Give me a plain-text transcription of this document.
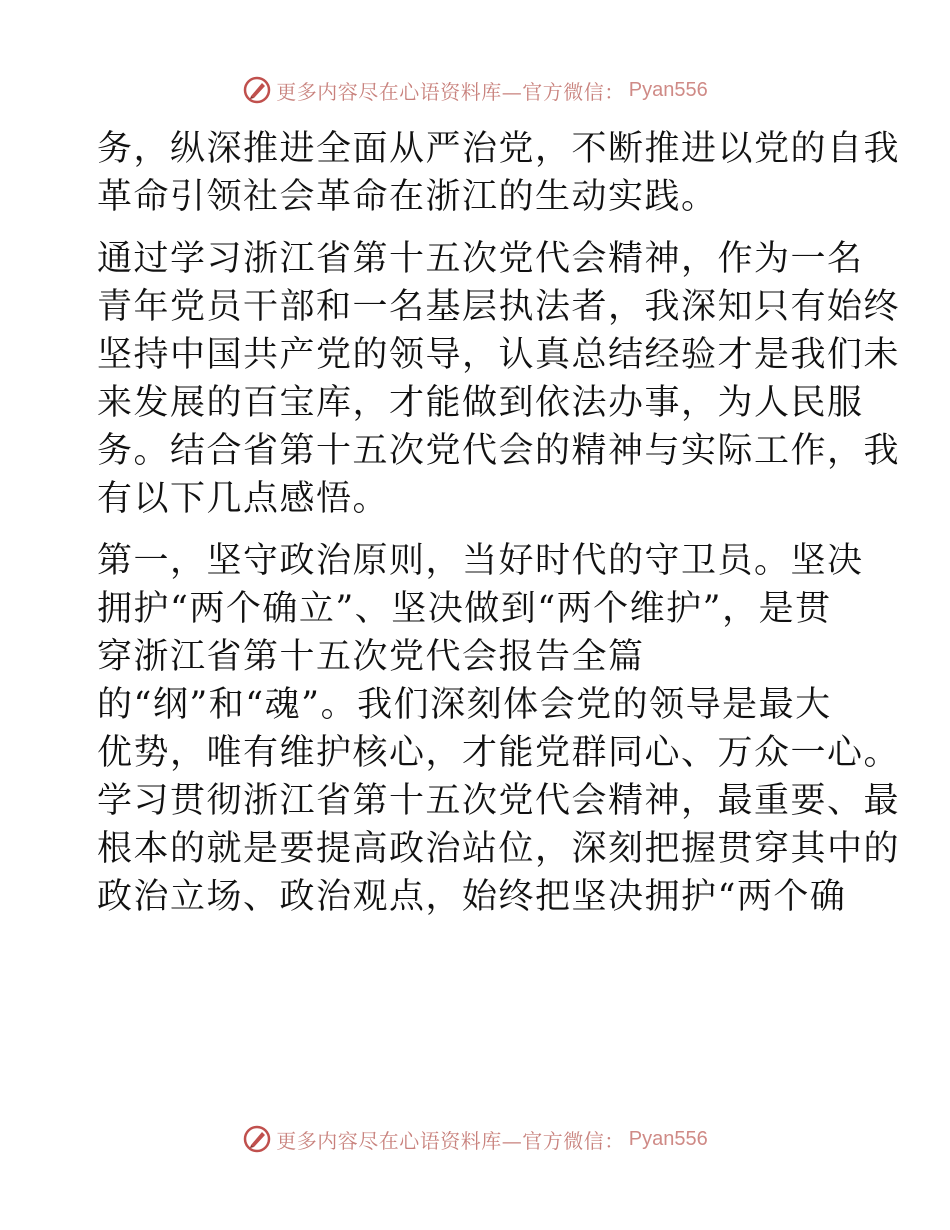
更多内容尽在心语资料库—官方微信： Pyan556
务，纵深推进全面从严治党，不断推进以党的自我
革命引领社会革命在浙江的生动实践。
通过学习浙江省第十五次党代会精神，作为一名
青年党员干部和一名基层执法者，我深知只有始终
坚持中国共产党的领导，认真总结经验才是我们未
来发展的百宝库，才能做到依法办事，为人民服
务。结合省第十五次党代会的精神与实际工作，我
有以下几点感悟。
第一，坚守政治原则，当好时代的守卫员。坚决
拥护“两个确立”、坚决做到“两个维护”，是贯
穿浙江省第十五次党代会报告全篇
的“纲”和“魂”。我们深刻体会党的领导是最大
优势，唯有维护核心，才能党群同心、万众一心。
学习贯彻浙江省第十五次党代会精神，最重要、最
根本的就是要提高政治站位，深刻把握贯穿其中的
政治立场、政治观点，始终把坚决拥护“两个确
更多内容尽在心语资料库—官方微信： Pyan556
